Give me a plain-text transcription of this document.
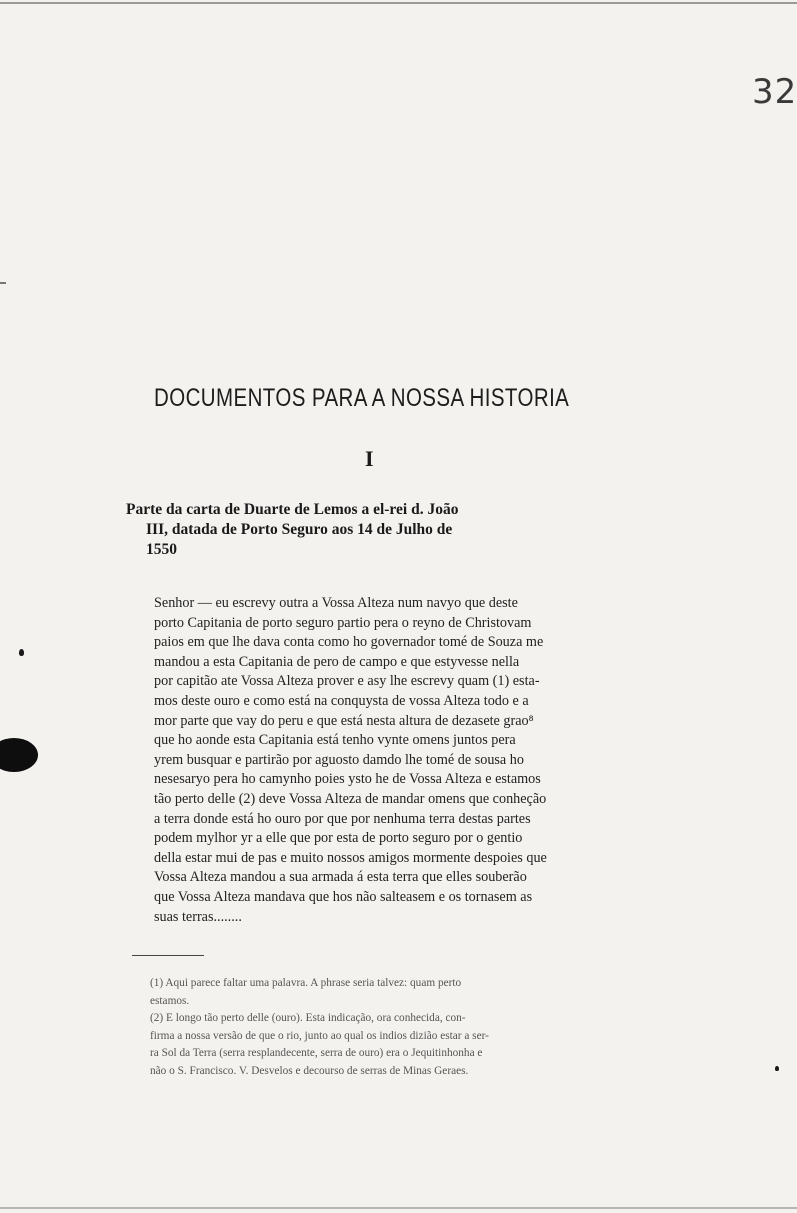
32
DOCUMENTOS PARA A NOSSA HISTORIA
I
Parte da carta de Duarte de Lemos a el-rei d. João
III, datada de Porto Seguro aos 14 de Julho de
1550
Senhor — eu escrevy outra a Vossa Alteza num navyo que deste
porto Capitania de porto seguro partio pera o reyno de Christovam
paios em que lhe dava conta como ho governador tomé de Souza me
mandou a esta Capitania de pero de campo e que estyvesse nella
por capitão ate Vossa Alteza prover e asy lhe escrevy quam (1) esta-
mos deste ouro e como está na conquysta de vossa Alteza todo e a
mor parte que vay do peru e que está nesta altura de dezasete grao⁸
que ho aonde esta Capitania está tenho vynte omens juntos pera
yrem busquar e partirão por aguosto damdo lhe tomé de sousa ho
nesesaryo pera ho camynho poies ysto he de Vossa Alteza e estamos
tão perto delle (2) deve Vossa Alteza de mandar omens que conheção
a terra donde está ho ouro por que por nenhuma terra destas partes
podem mylhor yr a elle que por esta de porto seguro por o gentio
della estar mui de pas e muito nossos amigos mormente despoies que
Vossa Alteza mandou a sua armada á esta terra que elles souberão
que Vossa Alteza mandava que hos não salteasem e os tornasem as
suas terras........
(1) Aqui parece faltar uma palavra. A phrase seria talvez: quam perto
estamos.
(2) E longo tão perto delle (ouro). Esta indicação, ora conhecida, con-
firma a nossa versão de que o rio, junto ao qual os indios dizião estar a ser-
ra Sol da Terra (serra resplandecente, serra de ouro) era o Jequitinhonha e
não o S. Francisco. V. Desvelos e decourso de serras de Minas Geraes.
